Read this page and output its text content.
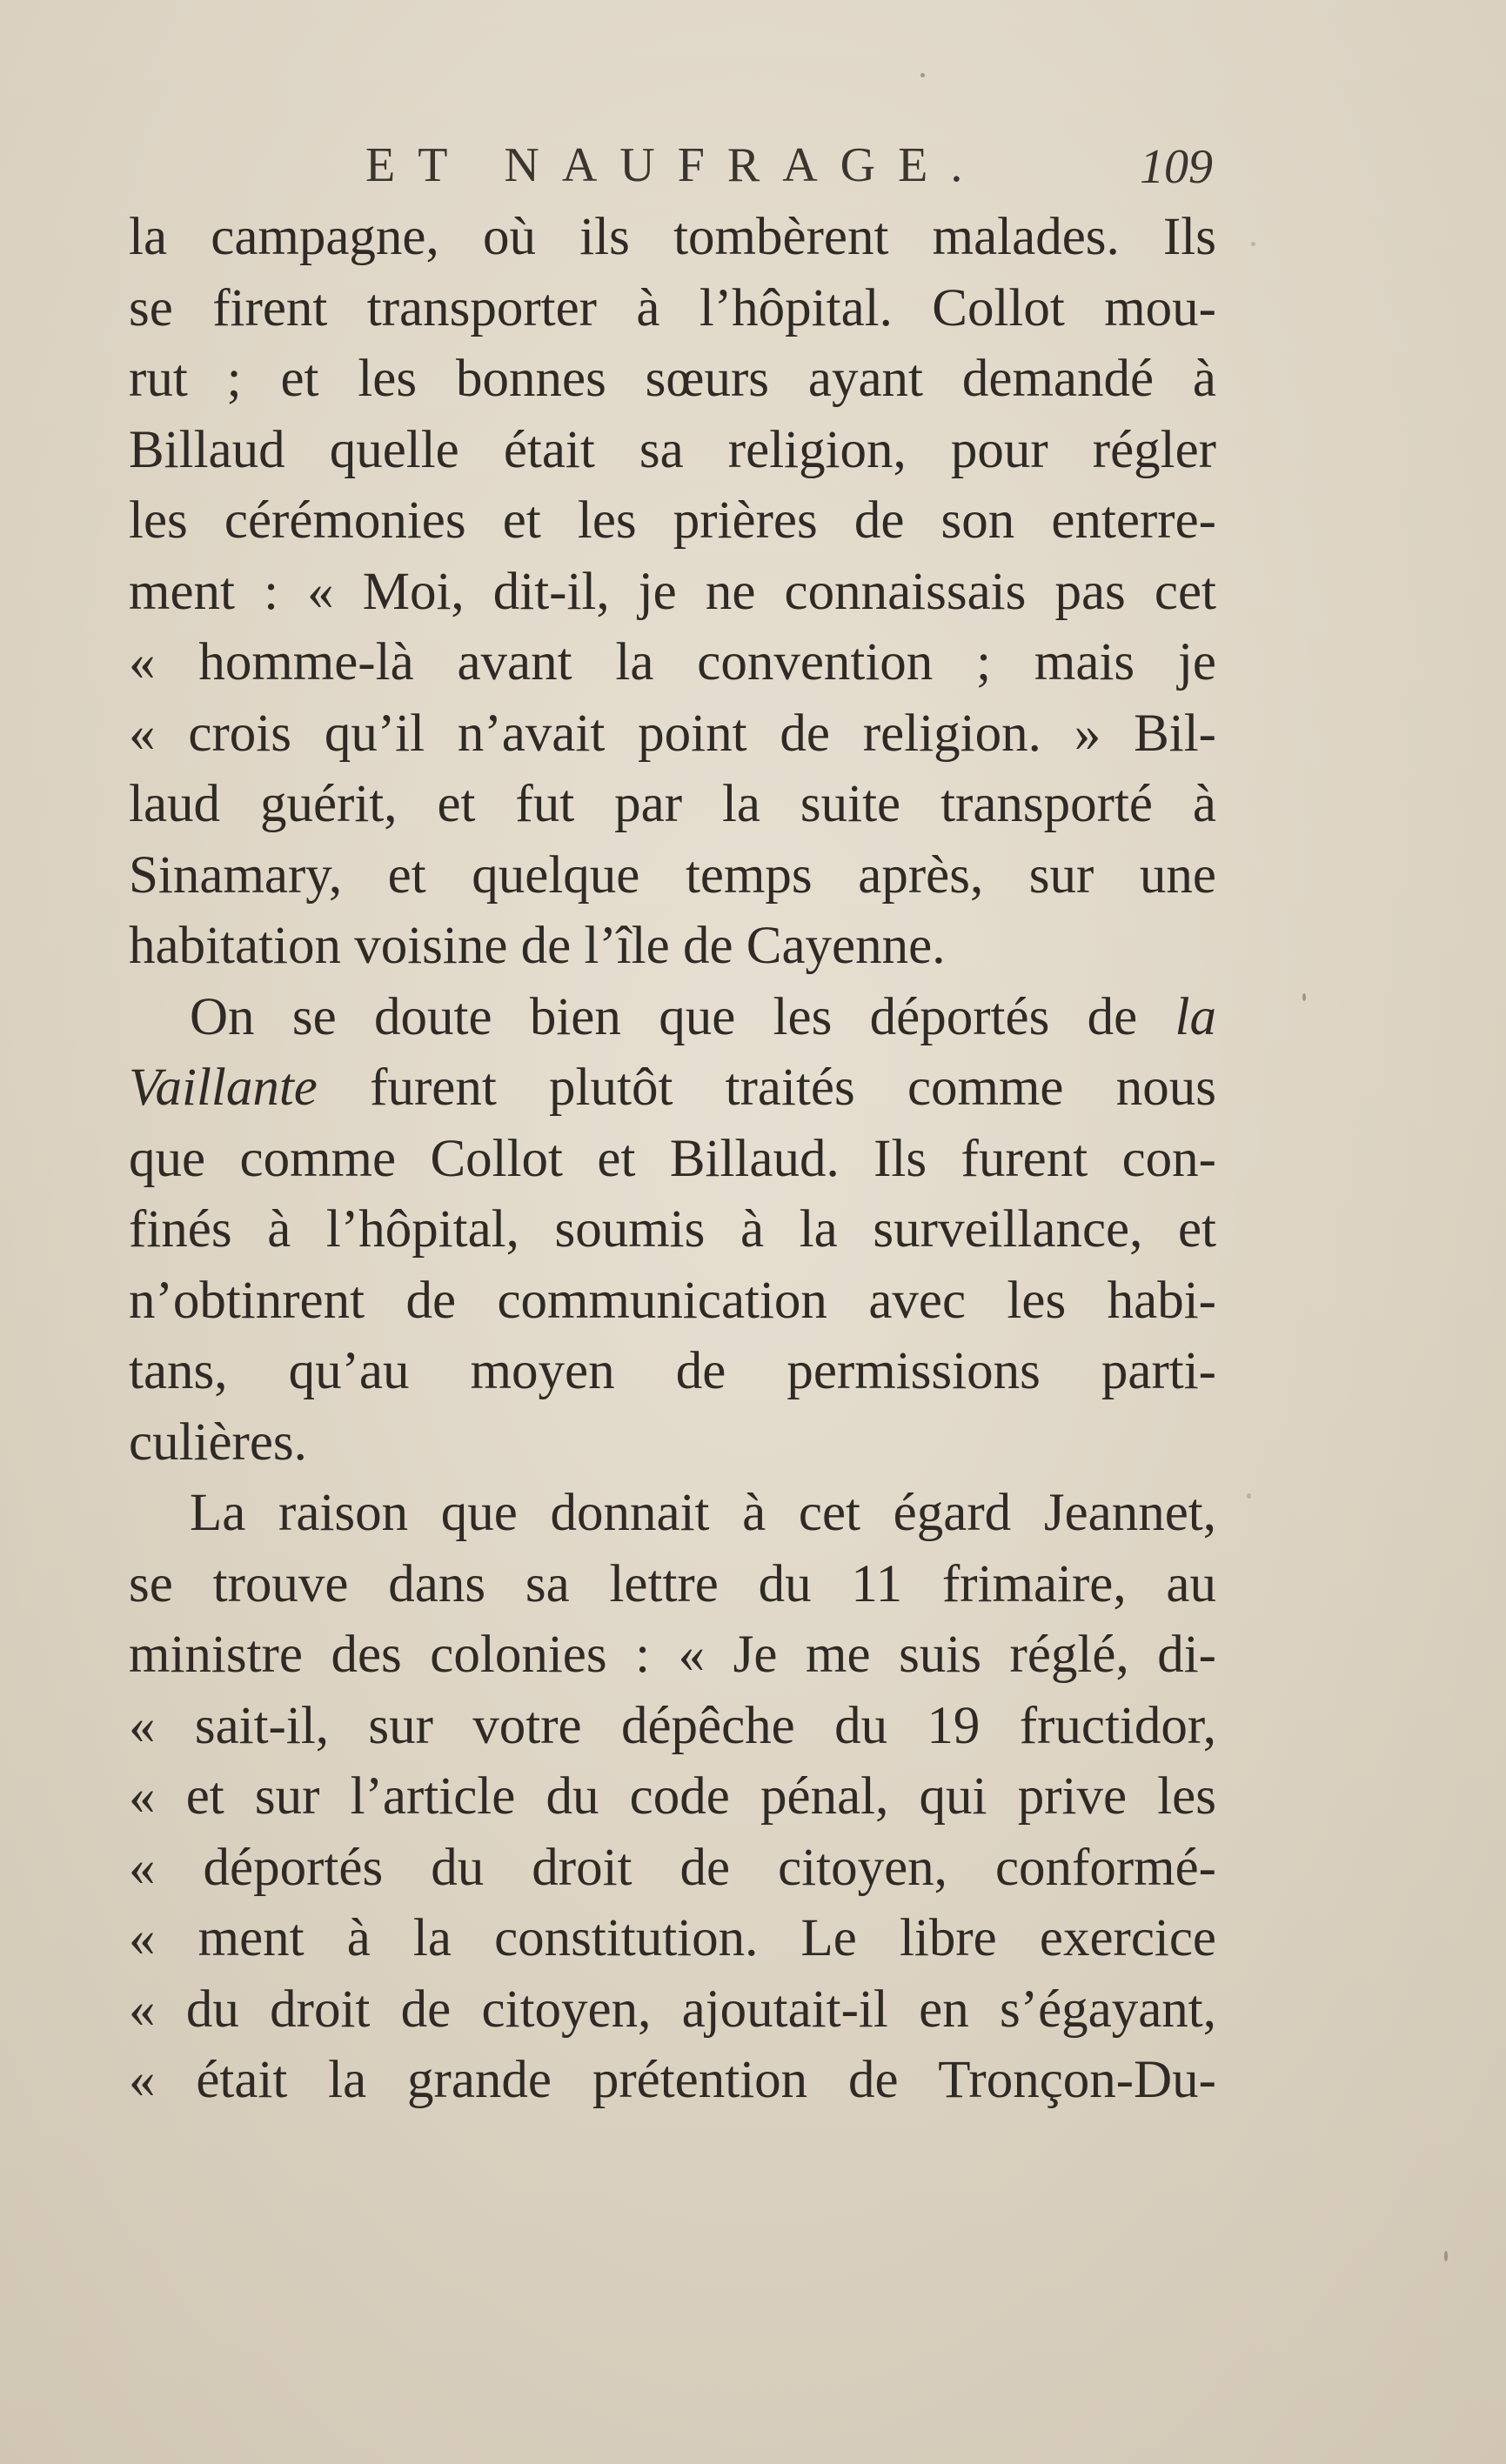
ET NAUFRAGE.	109
la campagne, où ils tombèrent malades. Ils
se firent transporter à l’hôpital. Collot mou-
rut ; et les bonnes sœurs ayant demandé à
Billaud quelle était sa religion, pour régler
les cérémonies et les prières de son enterre-
ment : « Moi, dit-il, je ne connaissais pas cet
« homme-là avant la convention ; mais je
« crois qu’il n’avait point de religion. » Bil-
laud guérit, et fut par la suite transporté à
Sinamary, et quelque temps après, sur une
habitation voisine de l’île de Cayenne.
On se doute bien que les déportés de la
Vaillante furent plutôt traités comme nous
que comme Collot et Billaud. Ils furent con-
finés à l’hôpital, soumis à la surveillance, et
n’obtinrent de communication avec les habi-
tans, qu’au moyen de permissions parti-
culières.
La raison que donnait à cet égard Jeannet,
se trouve dans sa lettre du 11 frimaire, au
ministre des colonies : « Je me suis réglé, di-
« sait-il, sur votre dépêche du 19 fructidor,
« et sur l’article du code pénal, qui prive les
« déportés du droit de citoyen, conformé-
« ment à la constitution. Le libre exercice
« du droit de citoyen, ajoutait-il en s’égayant,
« était la grande prétention de Tronçon-Du-
